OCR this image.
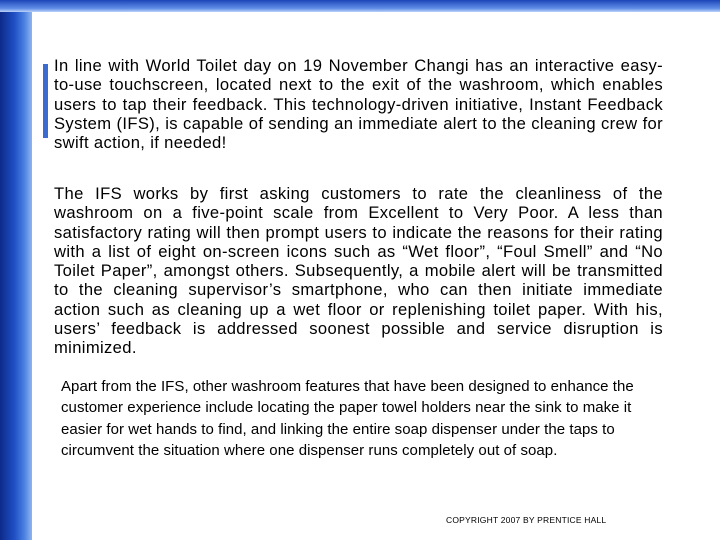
In line with World Toilet day on 19 November Changi has an interactive easy-to-use touchscreen, located next to the exit of the washroom, which enables users to tap their feedback. This technology-driven initiative, Instant Feedback System (IFS), is capable of sending an immediate alert to the cleaning crew for swift action, if needed!

The IFS works by first asking customers to rate the cleanliness of the washroom on a five-point scale from Excellent to Very Poor. A less than satisfactory rating will then prompt users to indicate the reasons for their rating with a list of eight on-screen icons such as “Wet floor”, “Foul Smell” and “No Toilet Paper”, amongst others. Subsequently, a mobile alert will be transmitted to the cleaning supervisor’s smartphone, who can then initiate immediate action such as cleaning up a wet floor or replenishing toilet paper. With his, users’ feedback is addressed soonest possible and service disruption is minimized.

Apart from the IFS, other washroom features that have been designed to enhance the customer experience include locating the paper towel holders near the sink to make it easier for wet hands to find, and linking the entire soap dispenser under the taps to circumvent the situation where one dispenser runs completely out of soap.

COPYRIGHT 2007 BY PRENTICE HALL
